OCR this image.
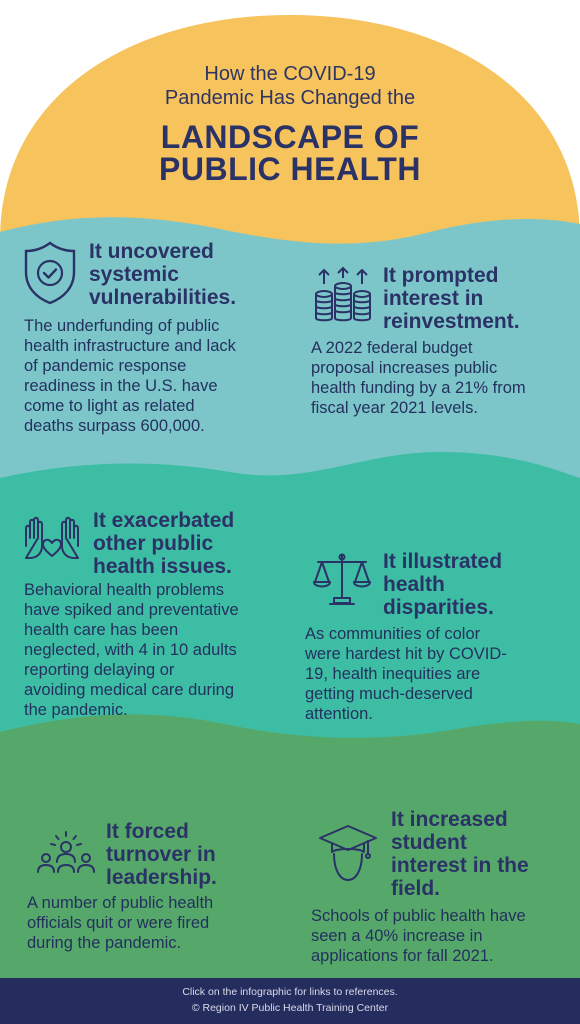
How the COVID-19
Pandemic Has Changed the
LANDSCAPE OF
PUBLIC HEALTH
It uncovered
systemic
vulnerabilities.
The underfunding of public
health infrastructure and lack
of pandemic response
readiness in the U.S. have
come to light as related
deaths surpass 600,000.
It prompted
interest in
reinvestment.
A 2022 federal budget
proposal increases public
health funding by a 21% from
fiscal year 2021 levels.
It exacerbated
other public
health issues.
Behavioral health problems
have spiked and preventative
health care has been
neglected, with 4 in 10 adults
reporting delaying or
avoiding medical care during
the pandemic.
It illustrated
health
disparities.
As communities of color
were hardest hit by COVID-
19, health inequities are
getting much-deserved
attention.
It forced
turnover in
leadership.
A number of public health
officials quit or were fired
during the pandemic.
It increased
student
interest in the
field.
Schools of public health have
seen a 40% increase in
applications for fall 2021.
Click on the infographic for links to references.
© Region IV Public Health Training Center
